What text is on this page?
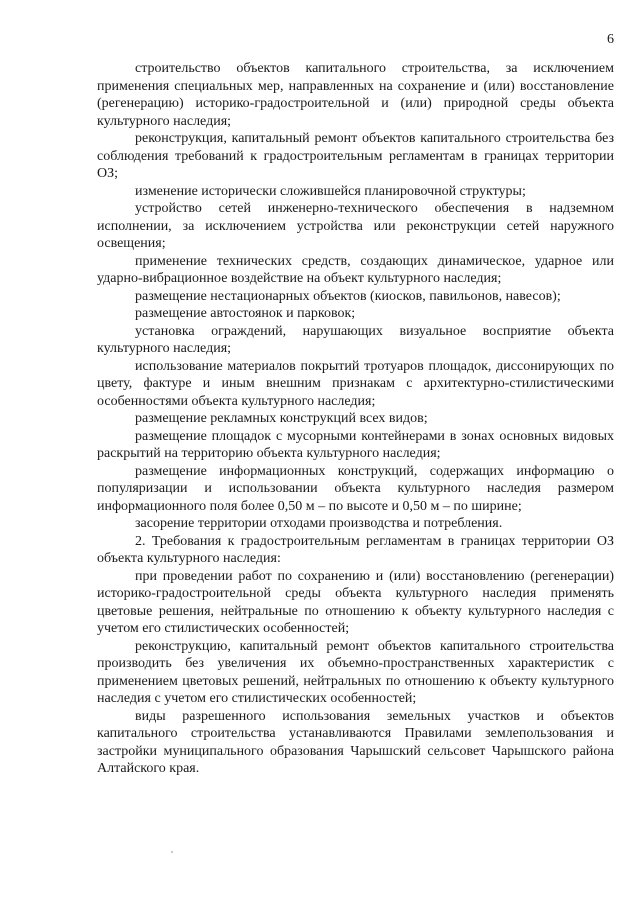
6

строительство объектов капитального строительства, за исключением применения специальных мер, направленных на сохранение и (или) восстановление (регенерацию) историко-градостроительной и (или) природной среды объекта культурного наследия;

реконструкция, капитальный ремонт объектов капитального строительства без соблюдения требований к градостроительным регламентам в границах территории ОЗ;

изменение исторически сложившейся планировочной структуры;

устройство сетей инженерно-технического обеспечения в надземном исполнении, за исключением устройства или реконструкции сетей наружного освещения;

применение технических средств, создающих динамическое, ударное или ударно-вибрационное воздействие на объект культурного наследия;

размещение нестационарных объектов (киосков, павильонов, навесов);

размещение автостоянок и парковок;

установка ограждений, нарушающих визуальное восприятие объекта культурного наследия;

использование материалов покрытий тротуаров площадок, диссонирующих по цвету, фактуре и иным внешним признакам с архитектурно-стилистическими особенностями объекта культурного наследия;

размещение рекламных конструкций всех видов;

размещение площадок с мусорными контейнерами в зонах основных видовых раскрытий на территорию объекта культурного наследия;

размещение информационных конструкций, содержащих информацию о популяризации и использовании объекта культурного наследия размером информационного поля более 0,50 м – по высоте и 0,50 м – по ширине;

засорение территории отходами производства и потребления.

2. Требования к градостроительным регламентам в границах территории ОЗ объекта культурного наследия:

при проведении работ по сохранению и (или) восстановлению (регенерации) историко-градостроительной среды объекта культурного наследия применять цветовые решения, нейтральные по отношению к объекту культурного наследия с учетом его стилистических особенностей;

реконструкцию, капитальный ремонт объектов капитального строительства производить без увеличения их объемно-пространственных характеристик с применением цветовых решений, нейтральных по отношению к объекту культурного наследия с учетом его стилистических особенностей;

виды разрешенного использования земельных участков и объектов капитального строительства устанавливаются Правилами землепользования и застройки муниципального образования Чарышский сельсовет Чарышского района Алтайского края.
